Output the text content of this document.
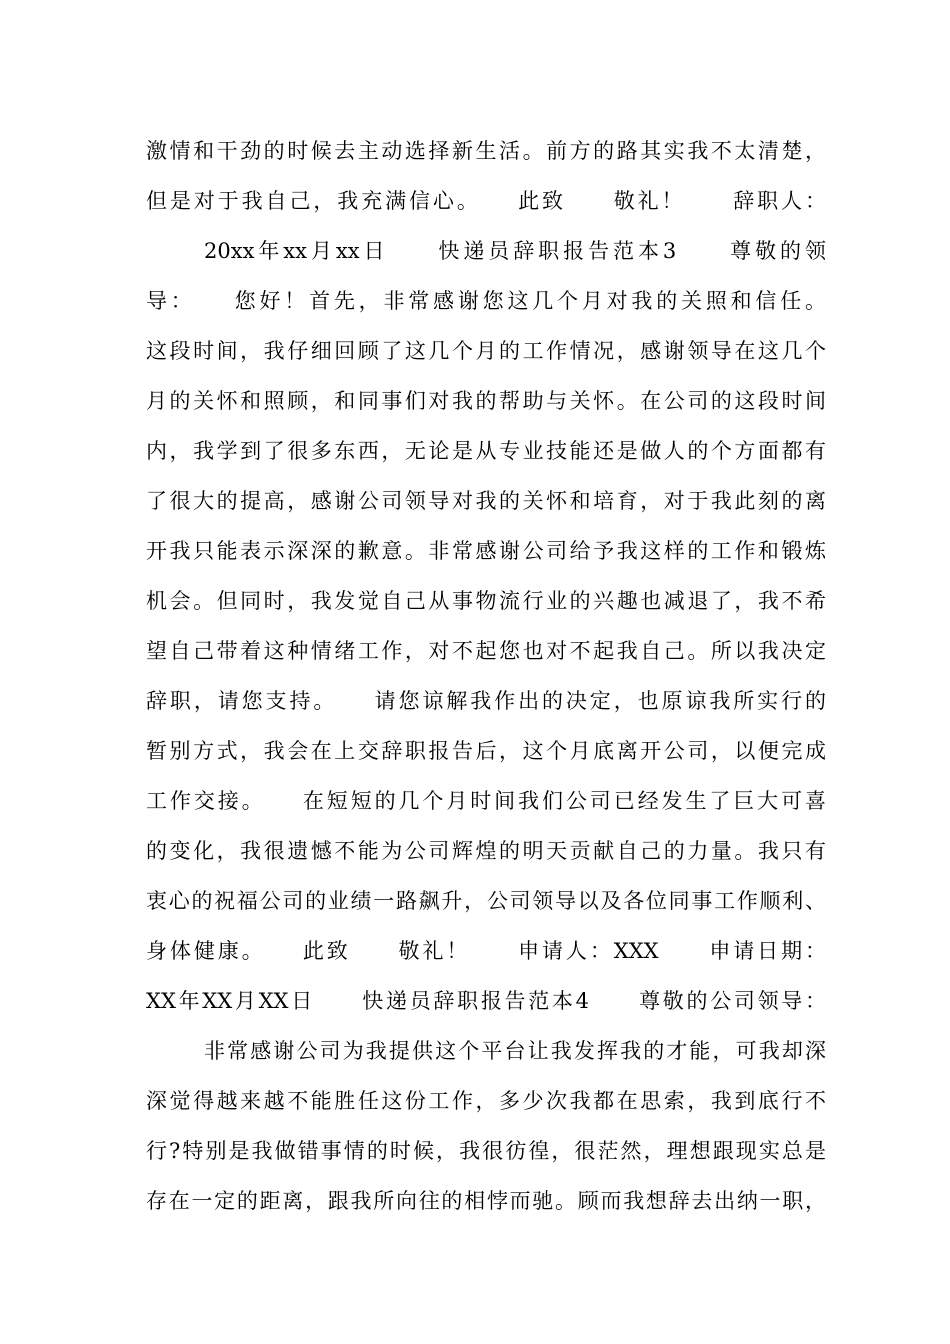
激情和干劲的时候去主动选择新生活。前方的路其实我不太清楚，
但是对于我自己，我充满信心。　　此致　　敬礼！　　辞职人：
20xx年xx月xx日　　快递员辞职报告范本3　　尊敬的领
导：　　您好！首先，非常感谢您这几个月对我的关照和信任。
这段时间，我仔细回顾了这几个月的工作情况，感谢领导在这几个
月的关怀和照顾，和同事们对我的帮助与关怀。在公司的这段时间
内，我学到了很多东西，无论是从专业技能还是做人的个方面都有
了很大的提高，感谢公司领导对我的关怀和培育，对于我此刻的离
开我只能表示深深的歉意。非常感谢公司给予我这样的工作和锻炼
机会。但同时，我发觉自己从事物流行业的兴趣也减退了，我不希
望自己带着这种情绪工作，对不起您也对不起我自己。所以我决定
辞职，请您支持。　　请您谅解我作出的决定，也原谅我所实行的
暂别方式，我会在上交辞职报告后，这个月底离开公司，以便完成
工作交接。　　在短短的几个月时间我们公司已经发生了巨大可喜
的变化，我很遗憾不能为公司辉煌的明天贡献自己的力量。我只有
衷心的祝福公司的业绩一路飙升，公司领导以及各位同事工作顺利、
身体健康。　　此致　　敬礼！　　申请人：XXX　　申请日期：
XX年XX月XX日　　快递员辞职报告范本4　　尊敬的公司领导：
非常感谢公司为我提供这个平台让我发挥我的才能，可我却深
深觉得越来越不能胜任这份工作，多少次我都在思索，我到底行不
行?特别是我做错事情的时候，我很彷徨，很茫然，理想跟现实总是
存在一定的距离，跟我所向往的相悖而驰。顾而我想辞去出纳一职，
